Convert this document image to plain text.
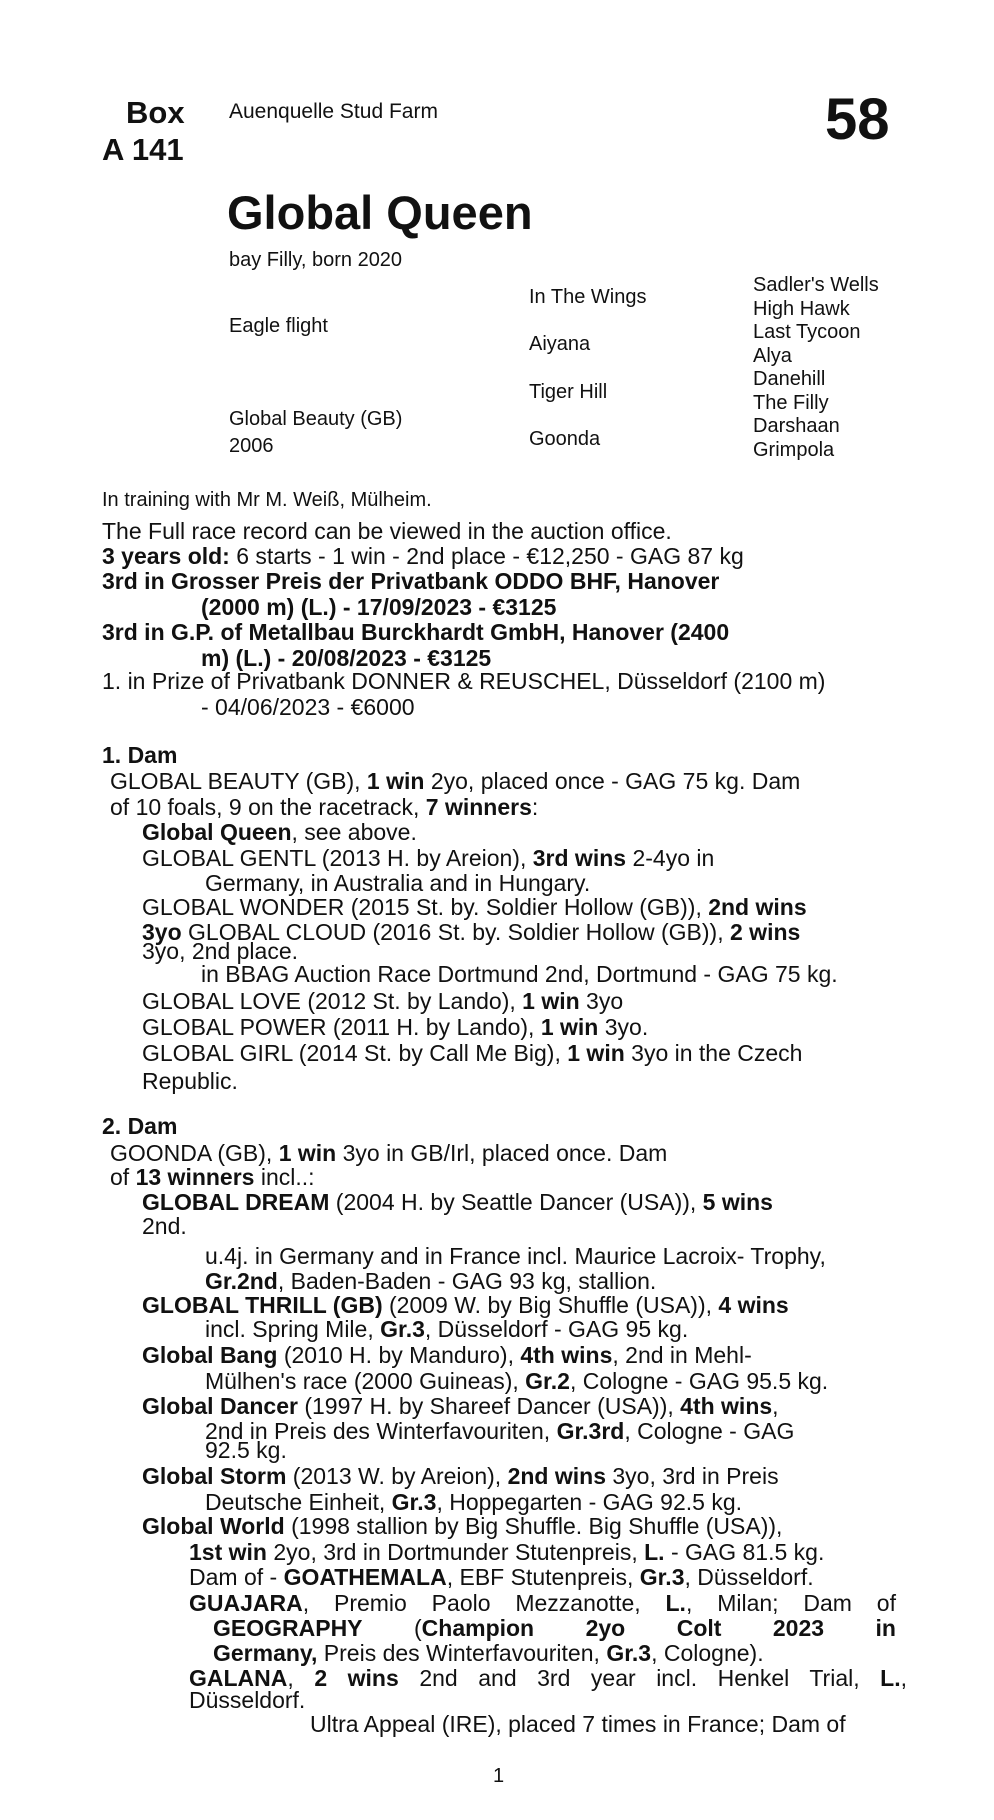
Box
A 141
Auenquelle Stud Farm	58
Global Queen
bay Filly, born 2020
Eagle flight
Global Beauty (GB)
2006
In The Wings
Aiyana
Tiger Hill
Goonda
Sadler's Wells
High Hawk
Last Tycoon
Alya
Danehill
The Filly
Darshaan
Grimpola
In training with Mr M. Weiß, Mülheim.
The Full race record can be viewed in the auction office.
3 years old: 6 starts - 1 win - 2nd place - €12,250 - GAG 87 kg
3rd in Grosser Preis der Privatbank ODDO BHF, Hanover
(2000 m) (L.) - 17/09/2023 - €3125
3rd in G.P. of Metallbau Burckhardt GmbH, Hanover (2400
m) (L.) - 20/08/2023 - €3125
1. in Prize of Privatbank DONNER & REUSCHEL, Düsseldorf (2100 m)
- 04/06/2023 - €6000
1. Dam
GLOBAL BEAUTY (GB), 1 win 2yo, placed once - GAG 75 kg. Dam
of 10 foals, 9 on the racetrack, 7 winners:
Global Queen, see above.
GLOBAL GENTL (2013 H. by Areion), 3rd wins 2-4yo in
Germany, in Australia and in Hungary.
GLOBAL WONDER (2015 St. by. Soldier Hollow (GB)), 2nd wins
3yo GLOBAL CLOUD (2016 St. by. Soldier Hollow (GB)), 2 wins
3yo, 2nd place.
in BBAG Auction Race Dortmund 2nd, Dortmund - GAG 75 kg.
GLOBAL LOVE (2012 St. by Lando), 1 win 3yo
GLOBAL POWER (2011 H. by Lando), 1 win 3yo.
GLOBAL GIRL (2014 St. by Call Me Big), 1 win 3yo in the Czech
Republic.
2. Dam
GOONDA (GB), 1 win 3yo in GB/Irl, placed once. Dam
of 13 winners incl..:
GLOBAL DREAM (2004 H. by Seattle Dancer (USA)), 5 wins
2nd.
u.4j. in Germany and in France incl. Maurice Lacroix- Trophy,
Gr.2nd, Baden-Baden - GAG 93 kg, stallion.
GLOBAL THRILL (GB) (2009 W. by Big Shuffle (USA)), 4 wins
incl. Spring Mile, Gr.3, Düsseldorf - GAG 95 kg.
Global Bang (2010 H. by Manduro), 4th wins, 2nd in Mehl-
Mülhen's race (2000 Guineas), Gr.2, Cologne - GAG 95.5 kg.
Global Dancer (1997 H. by Shareef Dancer (USA)), 4th wins,
2nd in Preis des Winterfavouriten, Gr.3rd, Cologne - GAG
92.5 kg.
Global Storm (2013 W. by Areion), 2nd wins 3yo, 3rd in Preis
Deutsche Einheit, Gr.3, Hoppegarten - GAG 92.5 kg.
Global World (1998 stallion by Big Shuffle. Big Shuffle (USA)),
1st win 2yo, 3rd in Dortmunder Stutenpreis, L. - GAG 81.5 kg.
Dam of - GOATHEMALA, EBF Stutenpreis, Gr.3, Düsseldorf.
GUAJARA, Premio Paolo Mezzanotte, L., Milan; Dam of
GEOGRAPHY (Champion 2yo Colt 2023 in
Germany, Preis des Winterfavouriten, Gr.3, Cologne).
GALANA, 2 wins 2nd and 3rd year incl. Henkel Trial, L.,
Düsseldorf.
Ultra Appeal (IRE), placed 7 times in France; Dam of
1
